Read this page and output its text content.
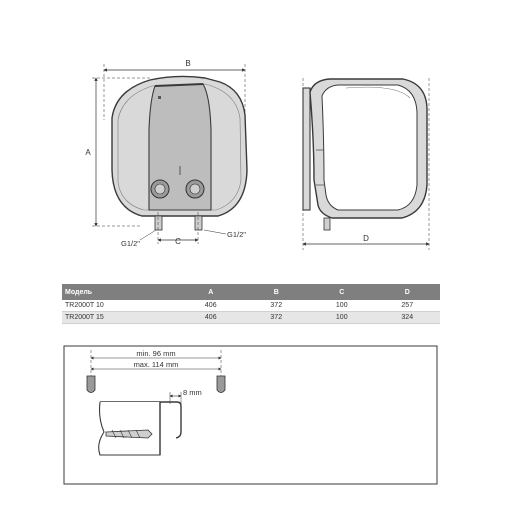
B
A
C
G1/2"
G1/2"	D
min. 96 mm
max. 114 mm
8 mm
Модель	A	B	C	D
TR2000T 10	406	372	100	257
TR2000T 15	406	372	100	324
